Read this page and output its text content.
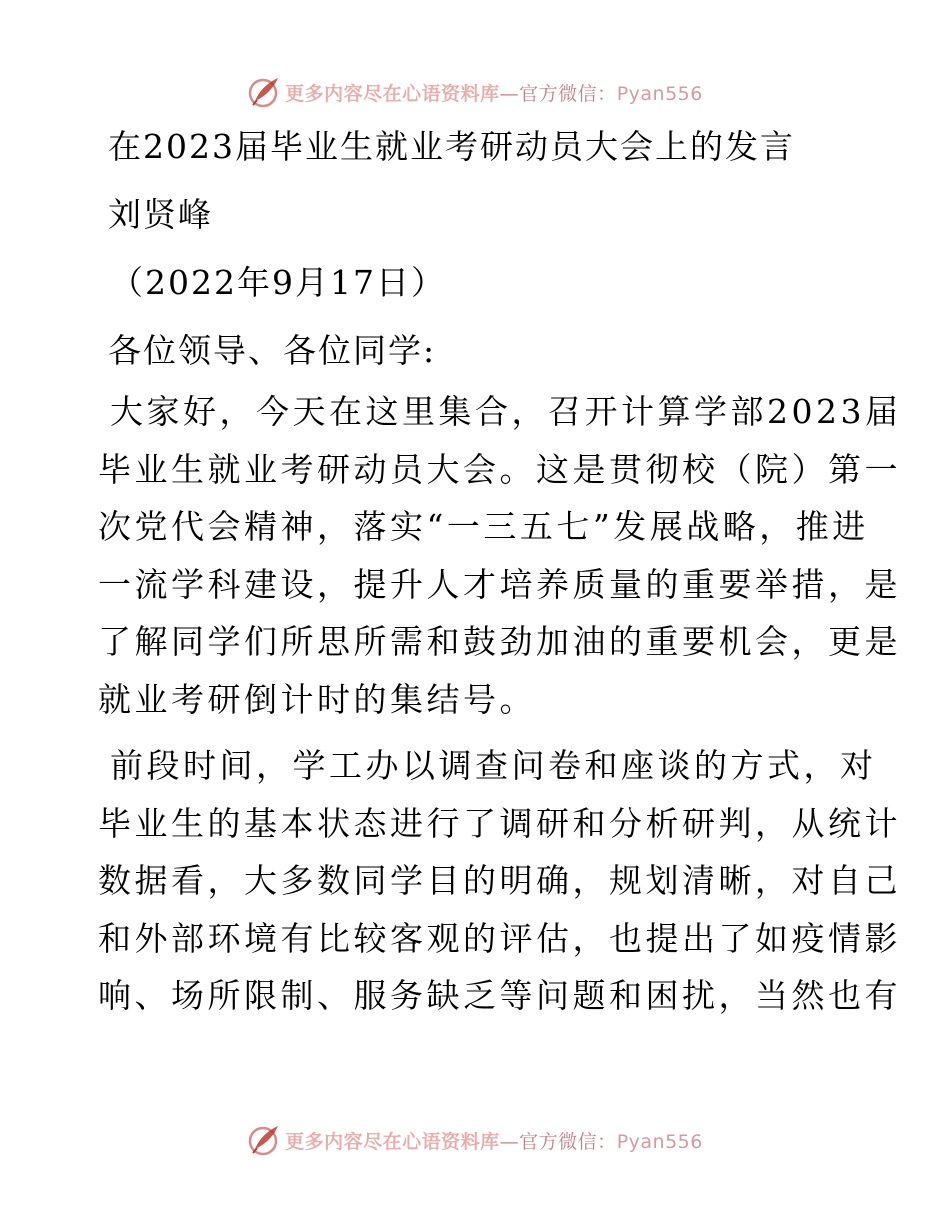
更多内容尽在心语资料库—官方微信：Pyan556

在2023届毕业生就业考研动员大会上的发言

刘贤峰

（2022年9月17日）

各位领导、各位同学:

大家好，今天在这里集合，召开计算学部2023届
毕业生就业考研动员大会。这是贯彻校（院）第一
次党代会精神，落实“一三五七”发展战略，推进
一流学科建设，提升人才培养质量的重要举措，是
了解同学们所思所需和鼓劲加油的重要机会，更是
就业考研倒计时的集结号。
前段时间，学工办以调查问卷和座谈的方式，对
毕业生的基本状态进行了调研和分析研判，从统计
数据看，大多数同学目的明确，规划清晰，对自己
和外部环境有比较客观的评估，也提出了如疫情影
响、场所限制、服务缺乏等问题和困扰，当然也有
更多内容尽在心语资料库—官方微信：Pyan556
